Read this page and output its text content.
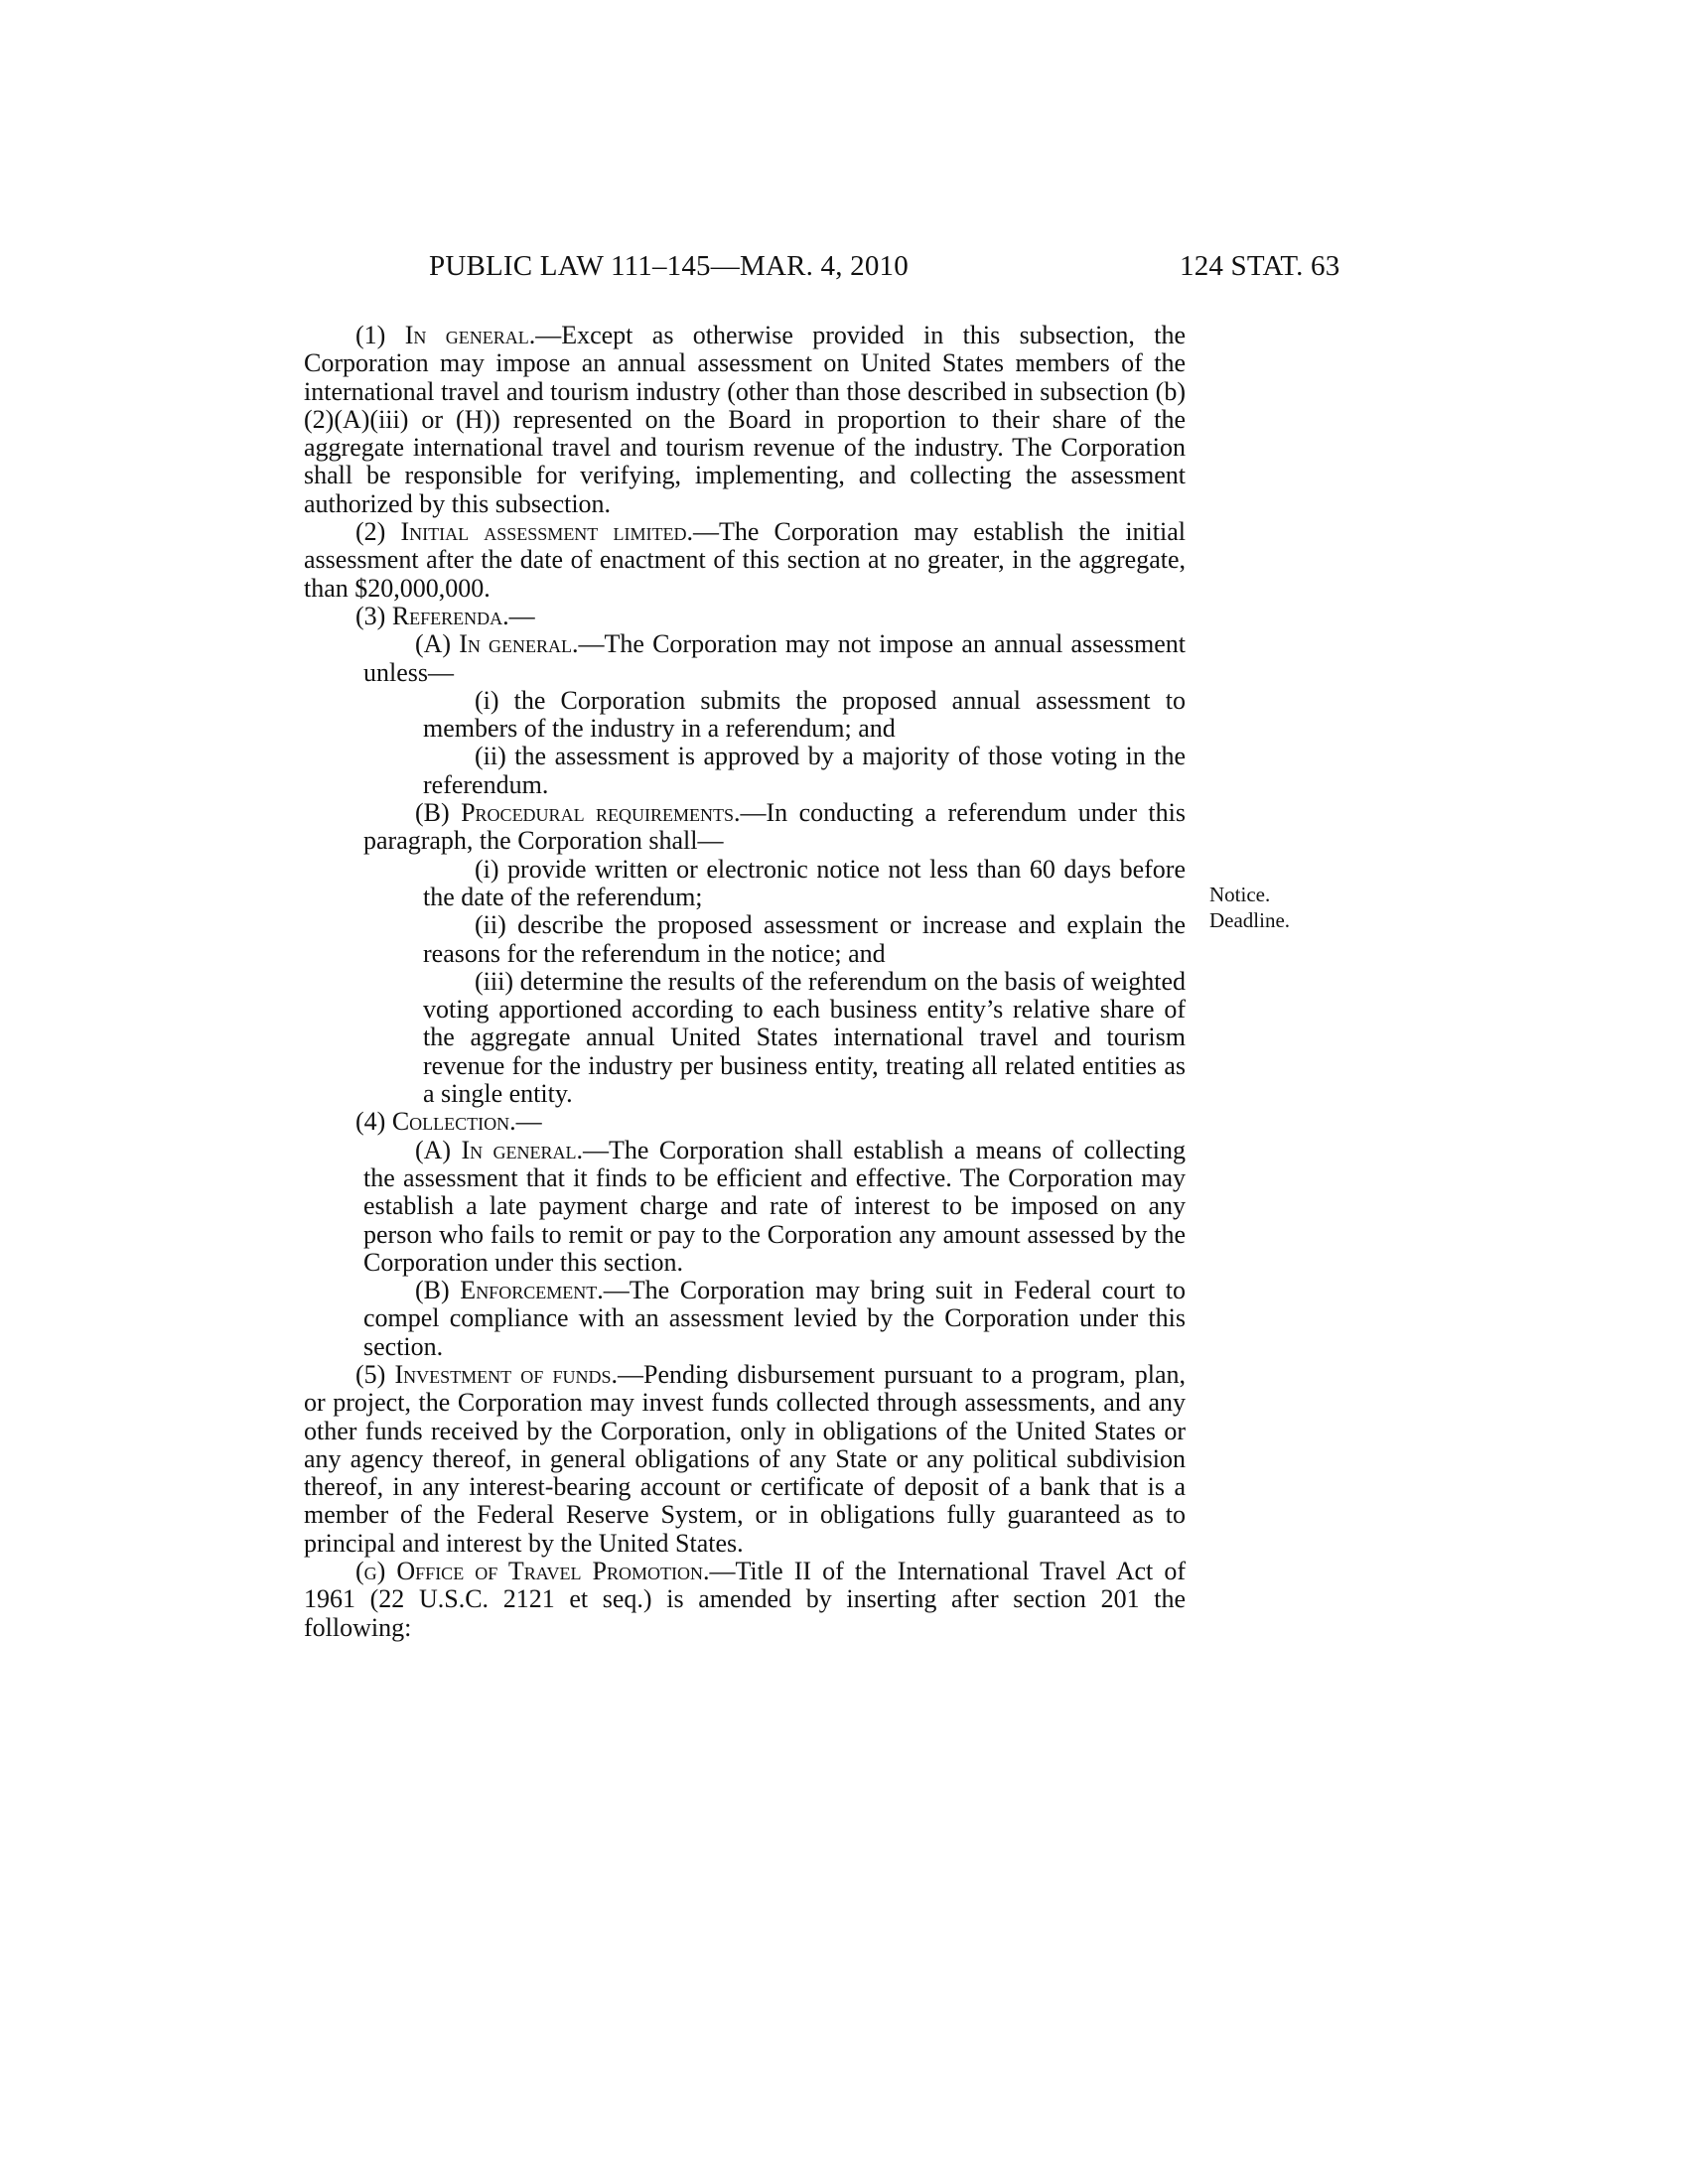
PUBLIC LAW 111–145—MAR. 4, 2010	124 STAT. 63

(1) In general.—Except as otherwise provided in this subsection, the Corporation may impose an annual assessment on United States members of the international travel and tourism industry (other than those described in subsection (b)(2)(A)(iii) or (H)) represented on the Board in proportion to their share of the aggregate international travel and tourism revenue of the industry. The Corporation shall be responsible for verifying, implementing, and collecting the assessment authorized by this subsection.

(2) Initial assessment limited.—The Corporation may establish the initial assessment after the date of enactment of this section at no greater, in the aggregate, than $20,000,000.

(3) Referenda.—

(A) In general.—The Corporation may not impose an annual assessment unless—

(i) the Corporation submits the proposed annual assessment to members of the industry in a referendum; and

(ii) the assessment is approved by a majority of those voting in the referendum.

(B) Procedural requirements.—In conducting a referendum under this paragraph, the Corporation shall—

(i) provide written or electronic notice not less than 60 days before the date of the referendum;

(ii) describe the proposed assessment or increase and explain the reasons for the referendum in the notice; and

(iii) determine the results of the referendum on the basis of weighted voting apportioned according to each business entity’s relative share of the aggregate annual United States international travel and tourism revenue for the industry per business entity, treating all related entities as a single entity.

(4) Collection.—

(A) In general.—The Corporation shall establish a means of collecting the assessment that it finds to be efficient and effective. The Corporation may establish a late payment charge and rate of interest to be imposed on any person who fails to remit or pay to the Corporation any amount assessed by the Corporation under this section.

(B) Enforcement.—The Corporation may bring suit in Federal court to compel compliance with an assessment levied by the Corporation under this section.

(5) Investment of funds.—Pending disbursement pursuant to a program, plan, or project, the Corporation may invest funds collected through assessments, and any other funds received by the Corporation, only in obligations of the United States or any agency thereof, in general obligations of any State or any political subdivision thereof, in any interest-bearing account or certificate of deposit of a bank that is a member of the Federal Reserve System, or in obligations fully guaranteed as to principal and interest by the United States.

(g) Office of Travel Promotion.—Title II of the International Travel Act of 1961 (22 U.S.C. 2121 et seq.) is amended by inserting after section 201 the following:

Notice.
Deadline.
